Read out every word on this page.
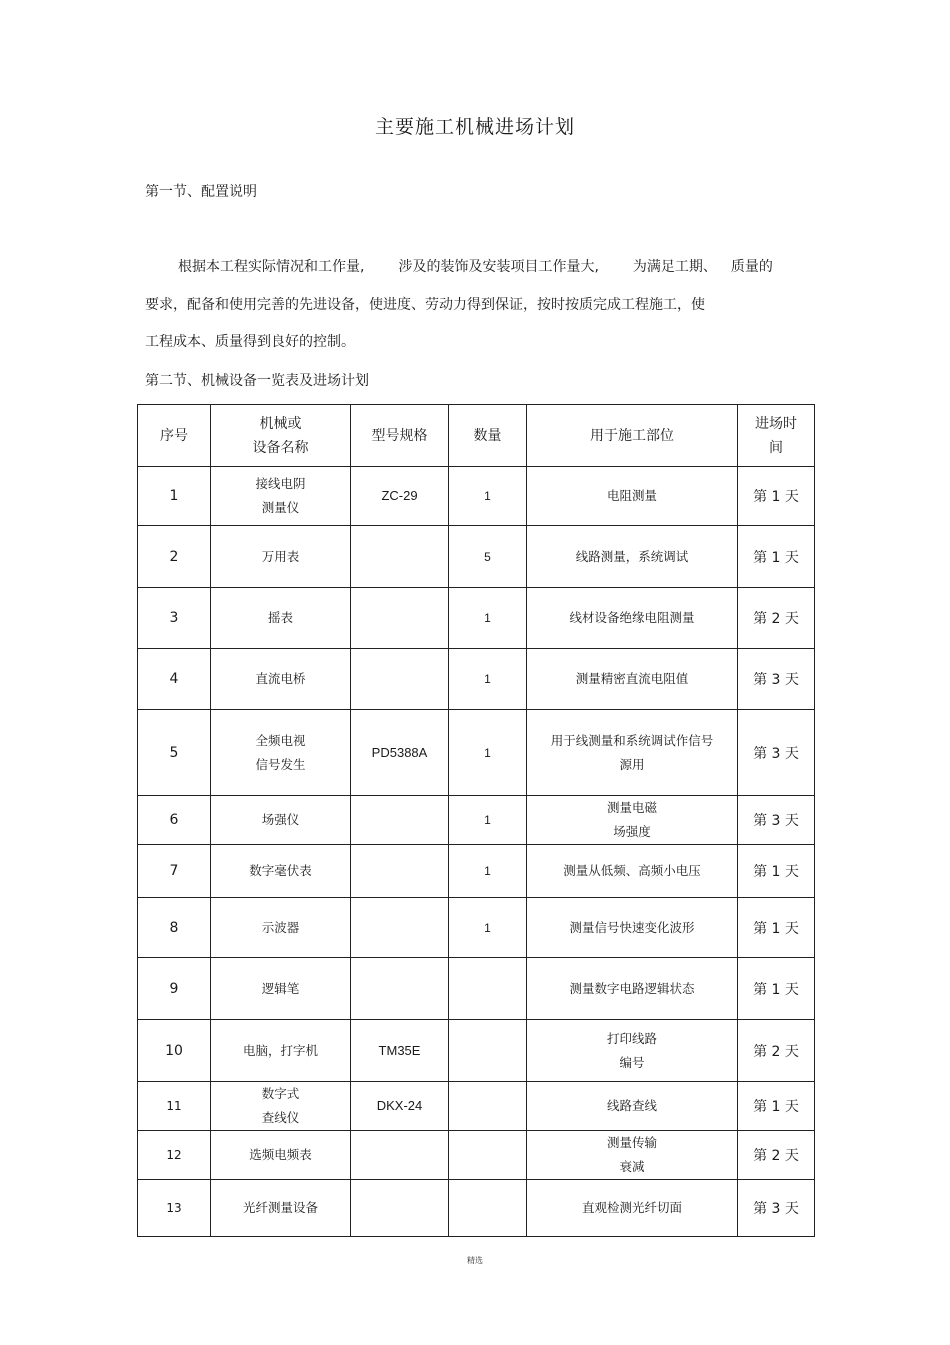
主要施工机械进场计划
第一节、配置说明
根据本工程实际情况和工作量, 涉及的装饰及安装项目工作量大, 为满足工期、 质量的
要求，配备和使用完善的先进设备，使进度、劳动力得到保证，按时按质完成工程施工，使
工程成本、质量得到良好的控制。
第二节、机械设备一览表及进场计划
序号	机械或
设备名称	型号规格	数量	用于施工部位	进场时
间

1	接线电阴
测量仪	ZC-29	1	电阻测量	第 1 天
2	万用表		5	线路测量，系统调试	第 1 天
3	摇表		1	线材设备绝缘电阻测量	第 2 天
4	直流电桥		1	测量精密直流电阻值	第 3 天
5	全频电视
信号发生	PD5388A	1	用于线测量和系统调试作信号
源用	第 3 天
6	场强仪		1	测量电磁
场强度	第 3 天
7	数字毫伏表		1	测量从低频、高频小电压	第 1 天
8	示波器		1	测量信号快速变化波形	第 1 天
9	逻辑笔			测量数字电路逻辑状态	第 1 天
10	电脑，打字机	TM35E		打印线路
编号	第 2 天
11	数字式
查线仪	DKX-24		线路查线	第 1 天
12	选频电频表			测量传输
衰减	第 2 天
13	光纤测量设备			直观检测光纤切面	第 3 天
精选
